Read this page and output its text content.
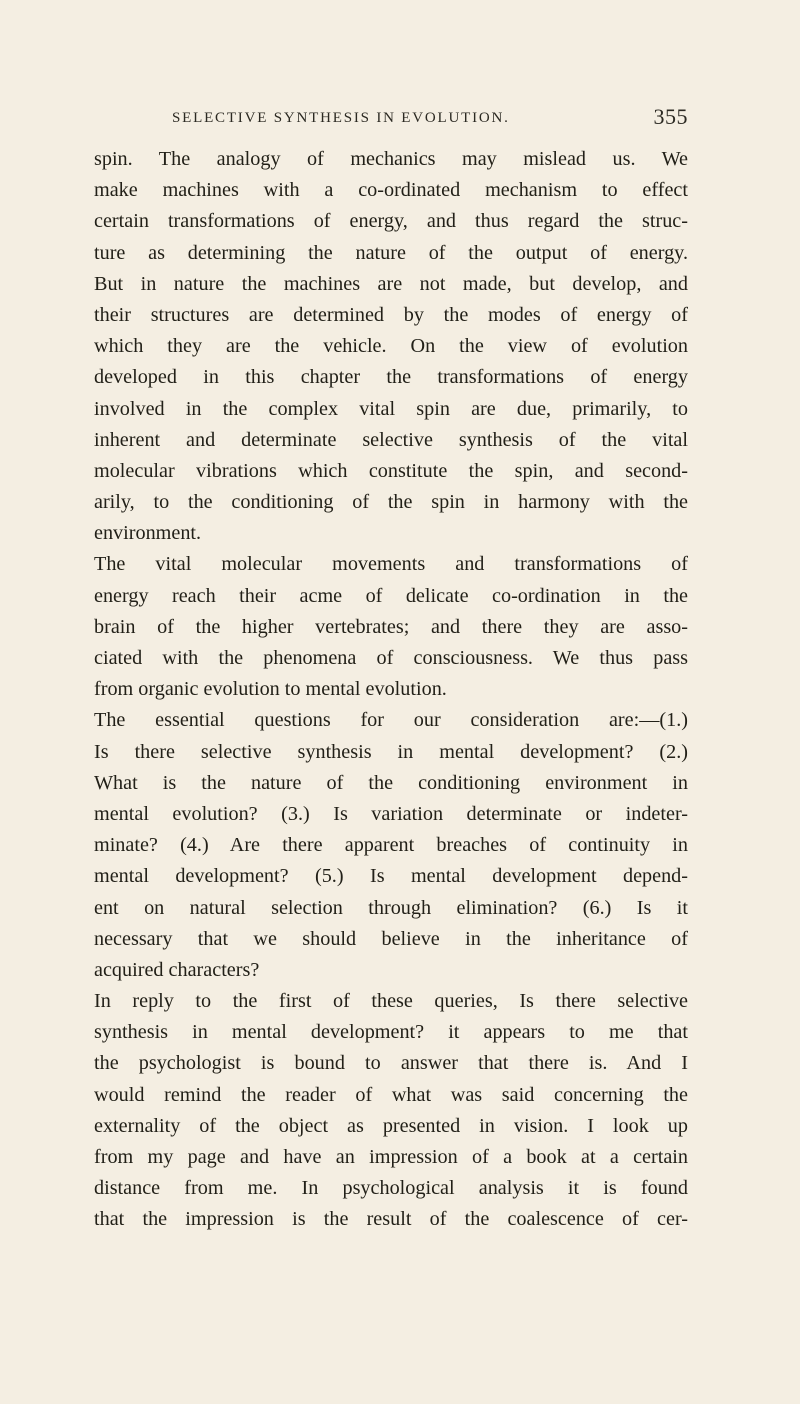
SELECTIVE SYNTHESIS IN EVOLUTION.	355
spin. The analogy of mechanics may mislead us. We
make machines with a co-ordinated mechanism to effect
certain transformations of energy, and thus regard the struc-
ture as determining the nature of the output of energy.
But in nature the machines are not made, but develop, and
their structures are determined by the modes of energy of
which they are the vehicle. On the view of evolution
developed in this chapter the transformations of energy
involved in the complex vital spin are due, primarily, to
inherent and determinate selective synthesis of the vital
molecular vibrations which constitute the spin, and second-
arily, to the conditioning of the spin in harmony with the
environment.
The vital molecular movements and transformations of
energy reach their acme of delicate co-ordination in the
brain of the higher vertebrates; and there they are asso-
ciated with the phenomena of consciousness. We thus pass
from organic evolution to mental evolution.
The essential questions for our consideration are:—(1.)
Is there selective synthesis in mental development? (2.)
What is the nature of the conditioning environment in
mental evolution? (3.) Is variation determinate or indeter-
minate? (4.) Are there apparent breaches of continuity in
mental development? (5.) Is mental development depend-
ent on natural selection through elimination? (6.) Is it
necessary that we should believe in the inheritance of
acquired characters?
In reply to the first of these queries, Is there selective
synthesis in mental development? it appears to me that
the psychologist is bound to answer that there is. And I
would remind the reader of what was said concerning the
externality of the object as presented in vision. I look up
from my page and have an impression of a book at a certain
distance from me. In psychological analysis it is found
that the impression is the result of the coalescence of cer-
